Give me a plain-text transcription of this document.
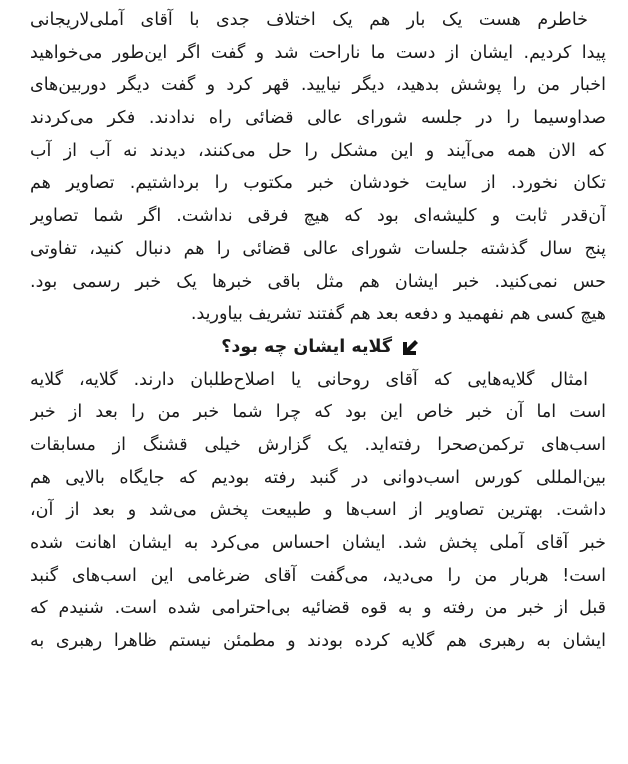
خاطرم هست یک بار هم یک اختلاف جدی با آقای آملی‌لاریجانی
پیدا کردیم. ایشان از دست ما ناراحت شد و گفت اگر این‌طور می‌خواهید
اخبار من را پوشش بدهید، دیگر نیایید. قهر کرد و گفت دیگر دوربین‌های
صداوسیما را در جلسه شورای عالی قضائی راه ندادند. فکر می‌کردند
که الان همه می‌آیند و این مشکل را حل می‌کنند، دیدند نه آب از آب
تکان نخورد. از سایت خودشان خبر مکتوب را برداشتیم. تصاویر هم
آن‌قدر ثابت و کلیشه‌ای بود که هیچ فرقی نداشت. اگر شما تصاویر
پنج سال گذشته جلسات شورای عالی قضائی را هم دنبال کنید، تفاوتی
حس نمی‌کنید. خبر ایشان هم مثل باقی خبرها یک خبر رسمی بود.
هیچ کسی هم نفهمید و دفعه بعد هم گفتند تشریف بیاورید.
گلایه ایشان چه بود؟
امثال گلایه‌هایی که آقای روحانی یا اصلاح‌طلبان دارند. گلایه، گلایه
است اما آن خبر خاص این بود که چرا شما خبر من را بعد از خبر
اسب‌های ترکمن‌صحرا رفته‌اید. یک گزارش خیلی قشنگ از مسابقات
بین‌المللی کورس اسب‌دوانی در گنبد رفته بودیم که جایگاه بالایی هم
داشت. بهترین تصاویر از اسب‌ها و طبیعت پخش می‌شد و بعد از آن،
خبر آقای آملی پخش شد. ایشان احساس می‌کرد به ایشان اهانت شده
است! هربار من را می‌دید، می‌گفت آقای ضرغامی این اسب‌های گنبد
قبل از خبر من رفته و به قوه قضائیه بی‌احترامی شده است. شنیدم که
ایشان به رهبری هم گلایه کرده بودند و مطمئن نیستم ظاهرا رهبری به
